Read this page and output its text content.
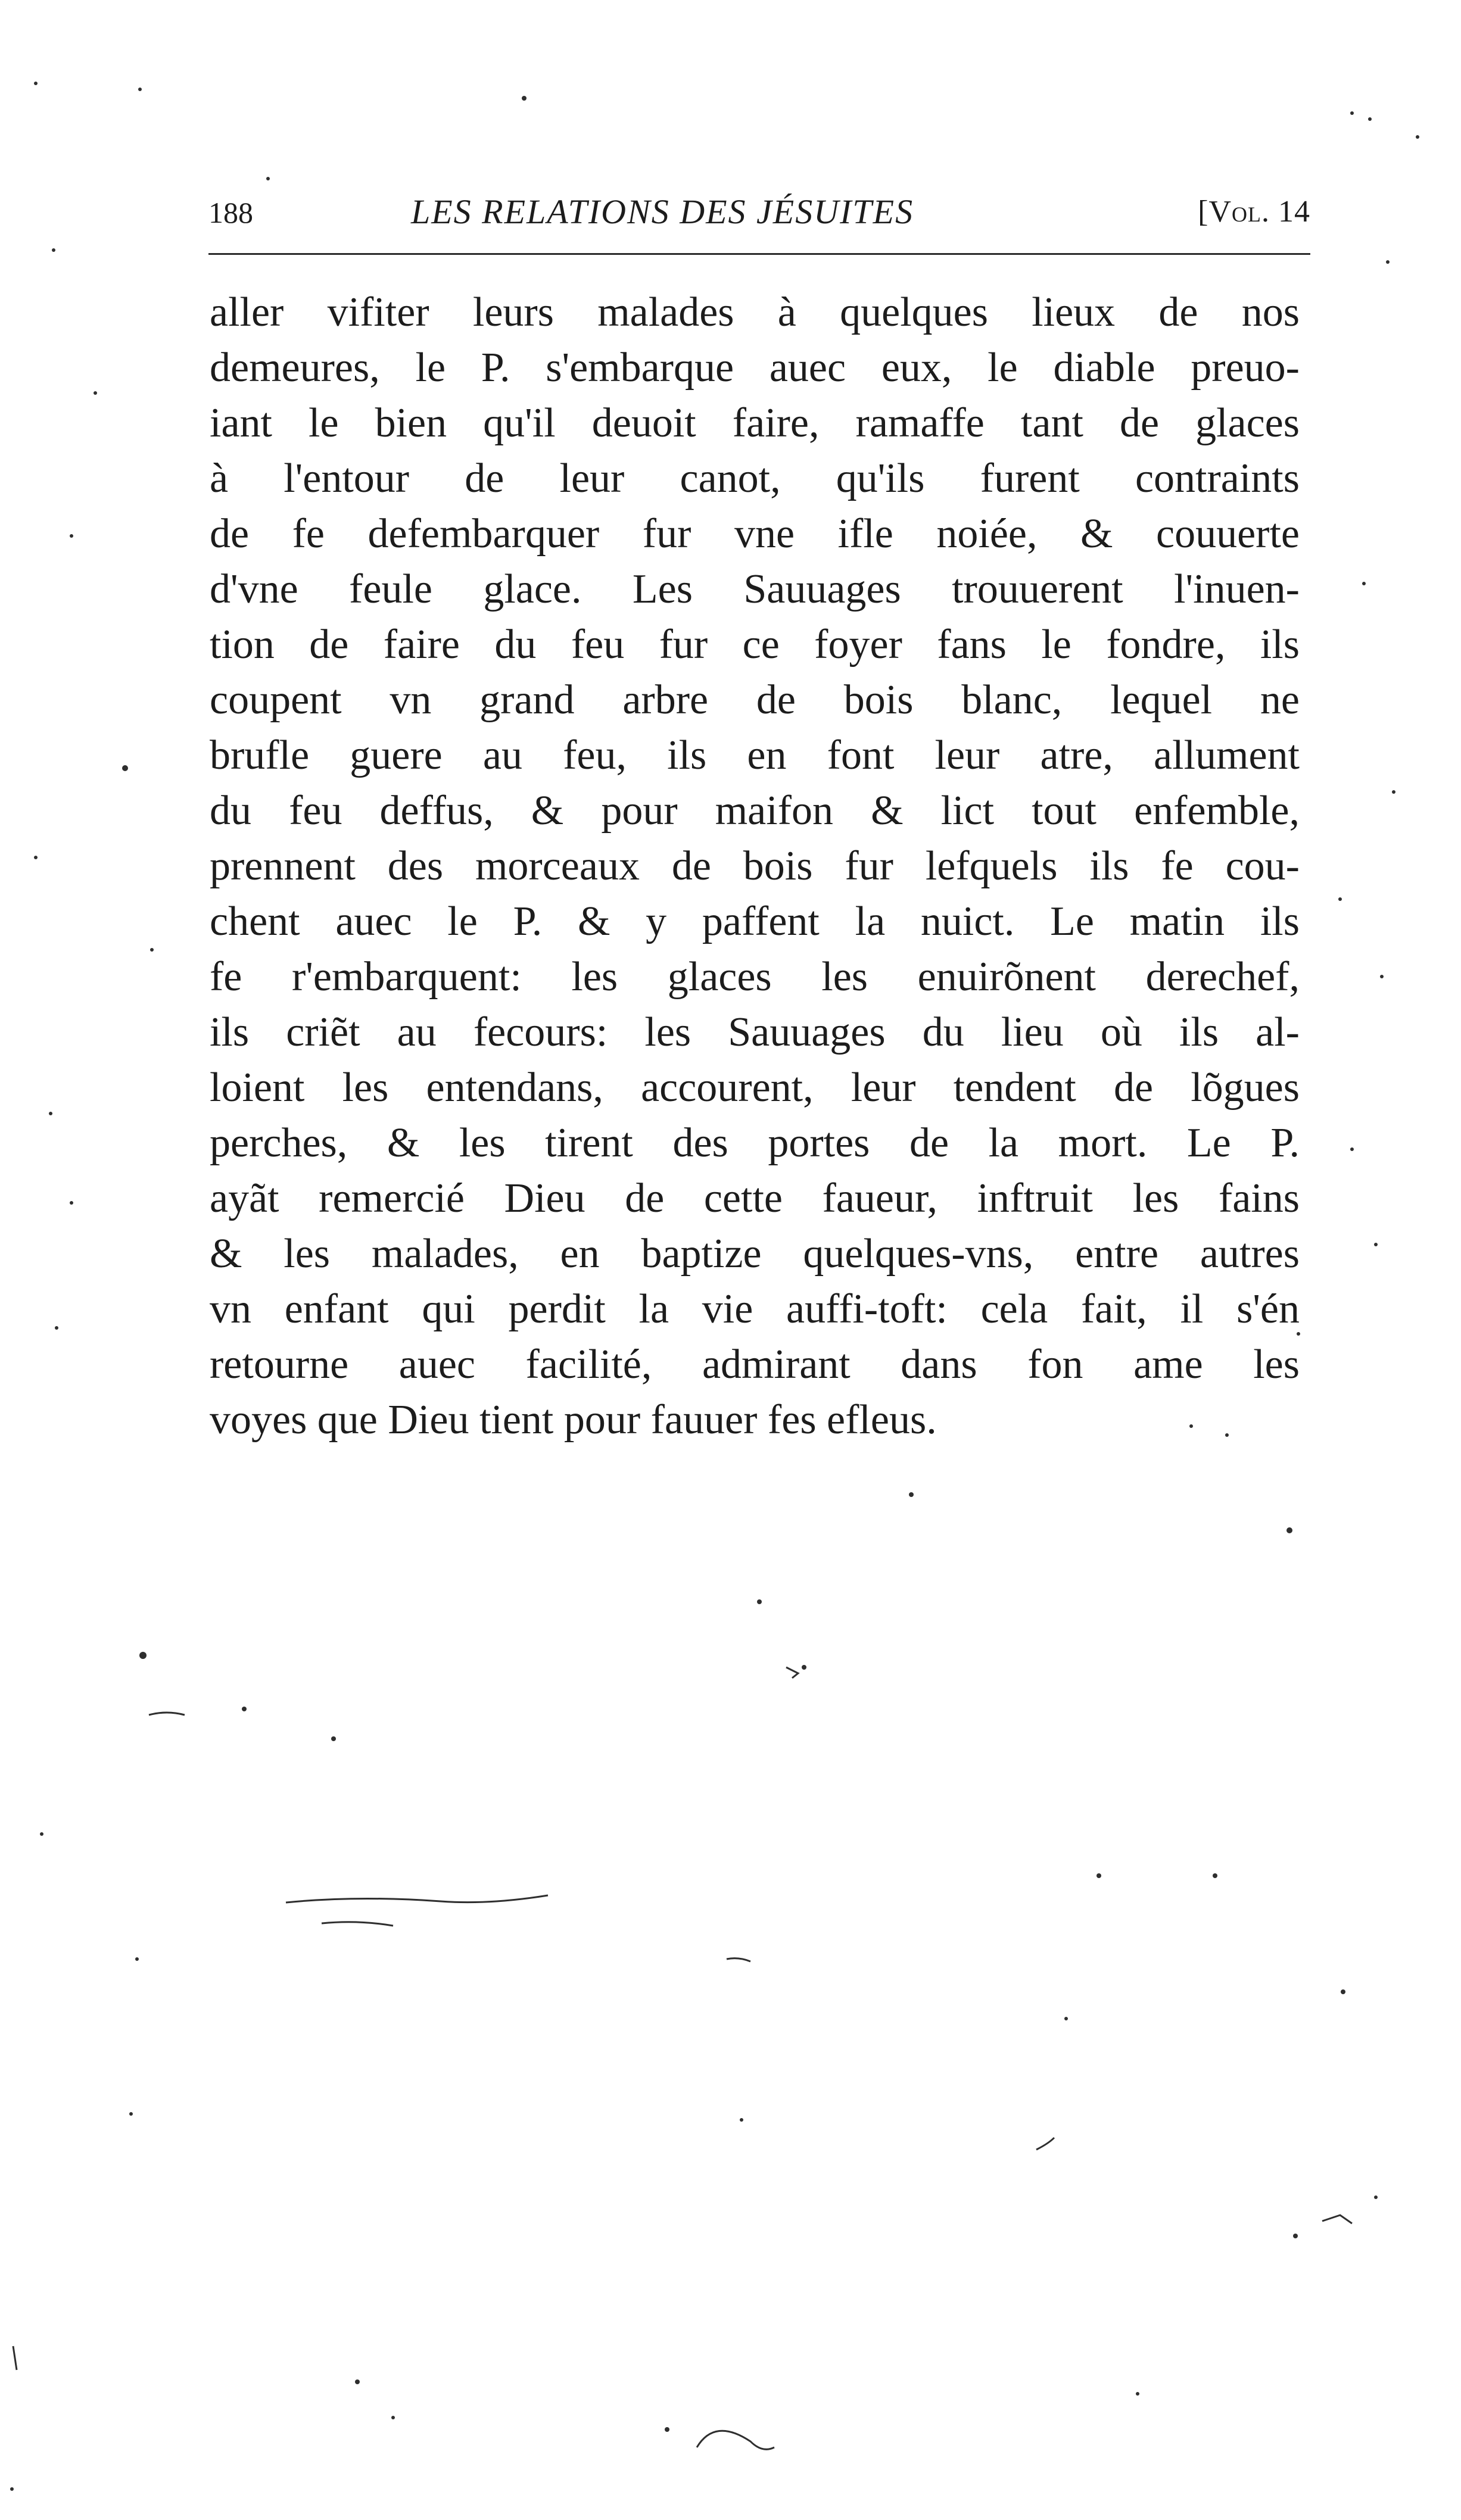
188	LES RELATIONS DES JÉSUITES	[Vol. 14
aller vifiter leurs malades à quelques lieux de nos
demeures, le P. s'embarque auec eux, le diable preuo-
iant le bien qu'il deuoit faire, ramaffe tant de glaces
à l'entour de leur canot, qu'ils furent contraints
de fe defembarquer fur vne ifle noiée, & couuerte
d'vne feule glace. Les Sauuages trouuerent l'inuen-
tion de faire du feu fur ce foyer fans le fondre, ils
coupent vn grand arbre de bois blanc, lequel ne
brufle guere au feu, ils en font leur atre, allument
du feu deffus, & pour maifon & lict tout enfemble,
prennent des morceaux de bois fur lefquels ils fe cou-
chent auec le P. & y paffent la nuict. Le matin ils
fe r'embarquent: les glaces les enuirõnent derechef,
ils criẽt au fecours: les Sauuages du lieu où ils al-
loient les entendans, accourent, leur tendent de lõgues
perches, & les tirent des portes de la mort. Le P.
ayãt remercié Dieu de cette faueur, inftruit les fains
& les malades, en baptize quelques-vns, entre autres
vn enfant qui perdit la vie auffi-toft: cela fait, il s'én
retourne auec facilité, admirant dans fon ame les
voyes que Dieu tient pour fauuer fes efleus.
